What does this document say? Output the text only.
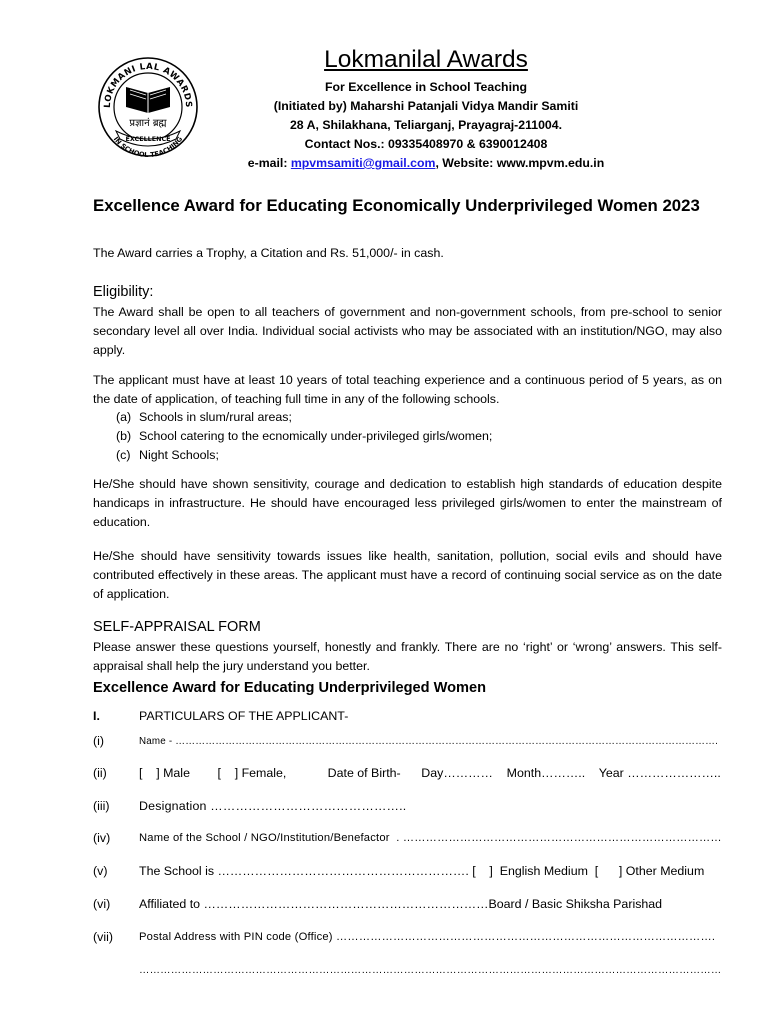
LOKMANI LAL AWARDS
प्रज्ञानं ब्रह्म
EXCELLENCE
IN SCHOOL TEACHING
Lokmanilal Awards
For Excellence in School Teaching
(Initiated by) Maharshi Patanjali Vidya Mandir Samiti
28 A, Shilakhana, Teliarganj, Prayagraj-211004.
Contact Nos.: 09335408970 & 6390012408
e-mail: mpvmsamiti@gmail.com, Website: www.mpvm.edu.in
Excellence Award for Educating Economically Underprivileged Women 2023
The Award carries a Trophy, a Citation and Rs. 51,000/- in cash.
Eligibility:
The Award shall be open to all teachers of government and non-government schools, from pre-school to senior secondary level all over India. Individual social activists who may be associated with an institution/NGO, may also apply.
The applicant must have at least 10 years of total teaching experience and a continuous period of 5 years, as on the date of application, of teaching full time in any of the following schools.
(a) Schools in slum/rural areas;
(b) School catering to the ecnomically under-privileged girls/women;
(c) Night Schools;
He/She should have shown sensitivity, courage and dedication to establish high standards of education despite handicaps in infrastructure. He should have encouraged less privileged girls/women to enter the mainstream of education.
He/She should have sensitivity towards issues like health, sanitation, pollution, social evils and should have contributed effectively in these areas. The applicant must have a record of continuing social service as on the date of application.
SELF-APPRAISAL FORM
Please answer these questions yourself, honestly and frankly. There are no ‘right’ or ‘wrong’ answers. This self-appraisal shall help the jury understand you better.
Excellence Award for Educating Underprivileged Women
I.	PARTICULARS OF THE APPLICANT-
(i)	Name - ……………………………………………………………………………………………………………………………………………….
(ii)	[    ] Male        [    ] Female,            Date of Birth-      Day…………    Month………..    Year …………………..
(iii) Designation ………………………………………..
(iv)	Name of the School / NGO/Institution/Benefactor  . …………………………………………………………………………
(v)	The School is ……………………………………………………. [    ]  English Medium  [      ] Other Medium
(vi) Affiliated to ……………………………………………………………Board / Basic Shiksha Parishad
(vii) Postal Address with PIN code (Office) ……………………………………………………………………………………….
…………………………………………………………………………………………………………………………………………………
